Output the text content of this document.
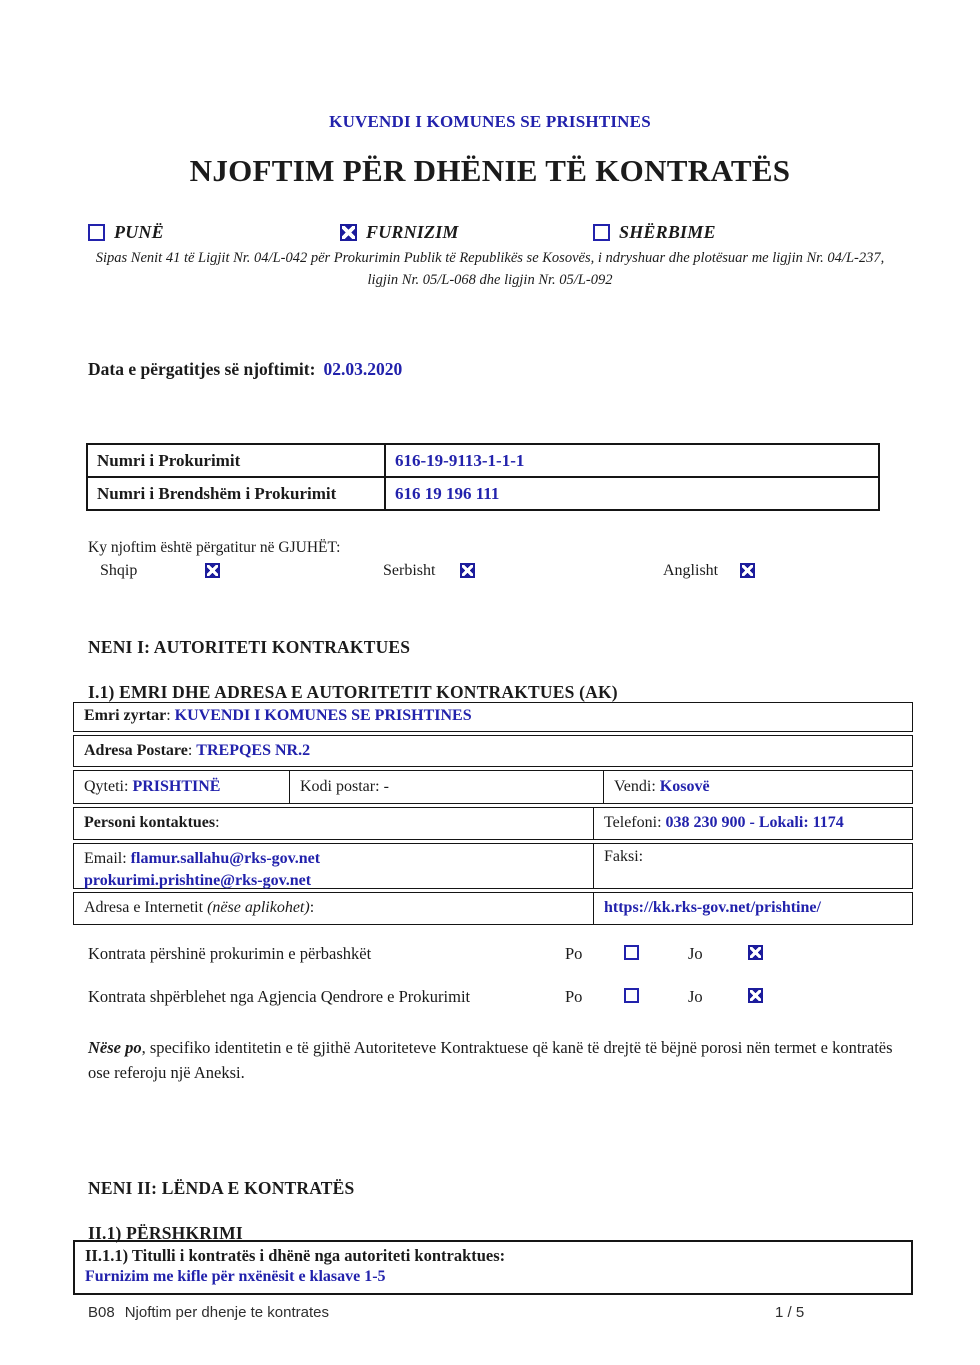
KUVENDI I KOMUNES SE PRISHTINES
NJOFTIM PËR DHËNIE TË KONTRATËS
PUNË	FURNIZIM	SHËRBIME

Sipas Nenit 41 të Ligjit Nr. 04/L-042 për Prokurimin Publik të Republikës se Kosovës, i ndryshuar dhe plotësuar me ligjin Nr. 04/L-237, ligjin Nr. 05/L-068 dhe ligjin Nr. 05/L-092

Data e përgatitjes së njoftimit: 02.03.2020
Numri i Prokurimit	616-19-9113-1-1-1
Numri i Brendshëm i Prokurimit	616 19 196 111
Ky njoftim është përgatitur në GJUHËT:
Shqip	Serbisht	Anglisht
NENI I: AUTORITETI KONTRAKTUES
I.1) EMRI DHE ADRESA E AUTORITETIT KONTRAKTUES (AK)
Emri zyrtar: KUVENDI I KOMUNES SE PRISHTINES
Adresa Postare: TREPQES NR.2
Qyteti: PRISHTINË	Kodi postar: -	Vendi: Kosovë
Personi kontaktues:	Telefoni: 038 230 900 - Lokali: 1174
Email: flamur.sallahu@rks-gov.net
prokurimi.prishtine@rks-gov.net
Faksi:
Adresa e Internetit (nëse aplikohet):	https://kk.rks-gov.net/prishtine/
Kontrata përshinë prokurimin e përbashkët	Po	Jo
Kontrata shpërblehet nga Agjencia Qendrore e Prokurimit	Po	Jo

Nëse po, specifiko identitetin e të gjithë Autoriteteve Kontraktuese që kanë të drejtë të bëjnë porosi nën termet e kontratës ose referoju një Aneksi.

NENI II: LËNDA E KONTRATËS
II.1) PËRSHKRIMI
II.1.1) Titulli i kontratës i dhënë nga autoriteti kontraktues:
Furnizim me kifle për nxënësit e klasave 1-5
B08 Njoftim per dhenje te kontrates	1 / 5
